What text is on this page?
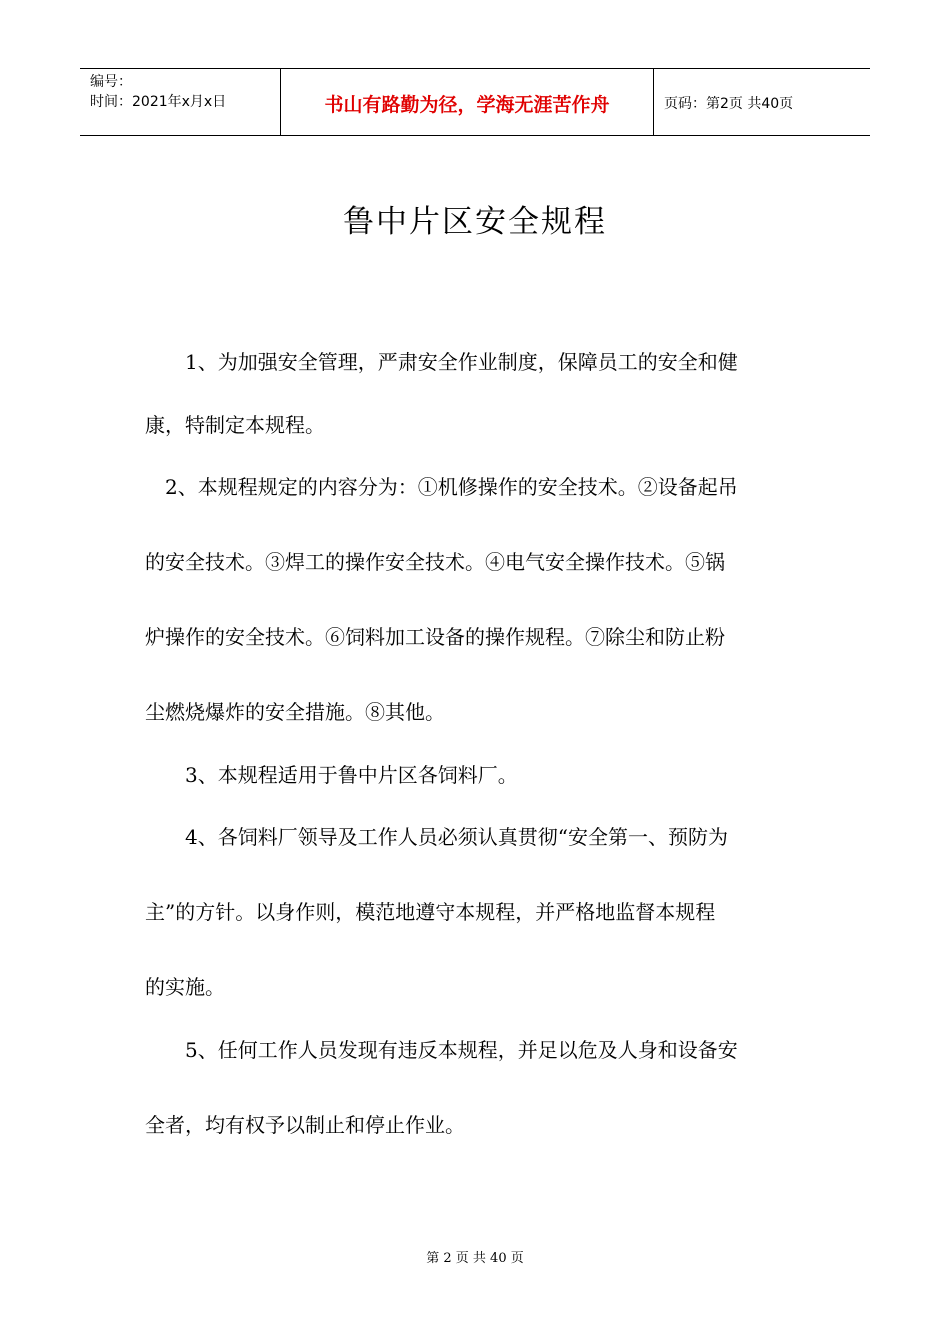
编号：
时间：2021年x月x日	书山有路勤为径，学海无涯苦作舟	页码：第2页 共40页
鲁中片区安全规程
　　1、为加强安全管理，严肃安全作业制度，保障员工的安全和健
康，特制定本规程。
　2、本规程规定的内容分为：①机修操作的安全技术。②设备起吊
的安全技术。③焊工的操作安全技术。④电气安全操作技术。⑤锅
炉操作的安全技术。⑥饲料加工设备的操作规程。⑦除尘和防止粉
尘燃烧爆炸的安全措施。⑧其他。
　　3、本规程适用于鲁中片区各饲料厂。
　　4、各饲料厂领导及工作人员必须认真贯彻“安全第一、预防为
主”的方针。以身作则，模范地遵守本规程，并严格地监督本规程
的实施。
　　5、任何工作人员发现有违反本规程，并足以危及人身和设备安
全者，均有权予以制止和停止作业。
第 2 页 共 40 页
